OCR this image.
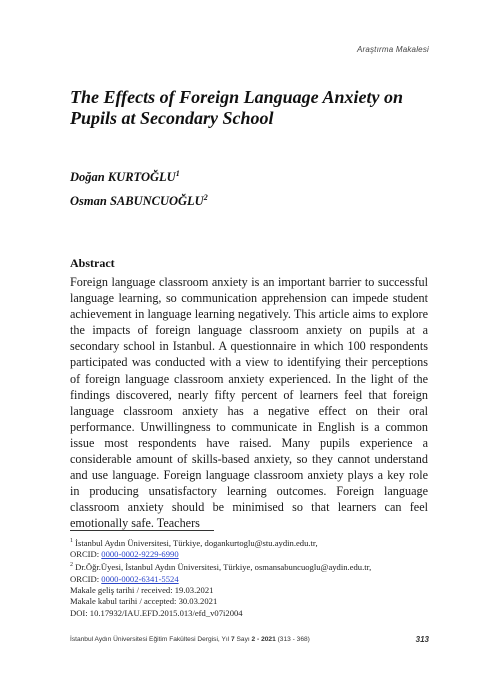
Araştırma Makalesi
The Effects of Foreign Language Anxiety on Pupils at Secondary School
Doğan KURTOĞLU$^1$
Osman SABUNCUOĞLU$^2$
Abstract
Foreign language classroom anxiety is an important barrier to successful language learning, so communication apprehension can impede student achievement in language learning negatively. This article aims to explore the impacts of foreign language classroom anxiety on pupils at a secondary school in Istanbul. A questionnaire in which 100 respondents participated was conducted with a view to identifying their perceptions of foreign language classroom anxiety experienced. In the light of the findings discovered, nearly fifty percent of learners feel that foreign language classroom anxiety has a negative effect on their oral performance. Unwillingness to communicate in English is a common issue most respondents have raised. Many pupils experience a considerable amount of skills-based anxiety, so they cannot understand and use language. Foreign language classroom anxiety plays a key role in producing unsatisfactory learning outcomes. Foreign language classroom anxiety should be minimised so that learners can feel emotionally safe. Teachers
$^1$ İstanbul Aydın Üniversitesi, Türkiye, dogankurtoglu@stu.aydin.edu.tr,
ORCID: 0000-0002-9229-6990
$^2$ Dr.Öğr.Üyesi, İstanbul Aydın Üniversitesi, Türkiye, osmansabuncuoglu@aydin.edu.tr,
ORCID: 0000-0002-6341-5524
Makale geliş tarihi / received: 19.03.2021
Makale kabul tarihi / accepted: 30.03.2021
DOI: 10.17932/IAU.EFD.2015.013/efd_v07i2004
İstanbul Aydın Üniversitesi Eğitim Fakültesi Dergisi, Yıl 7 Sayı 2 - 2021 (313 - 368)	313
